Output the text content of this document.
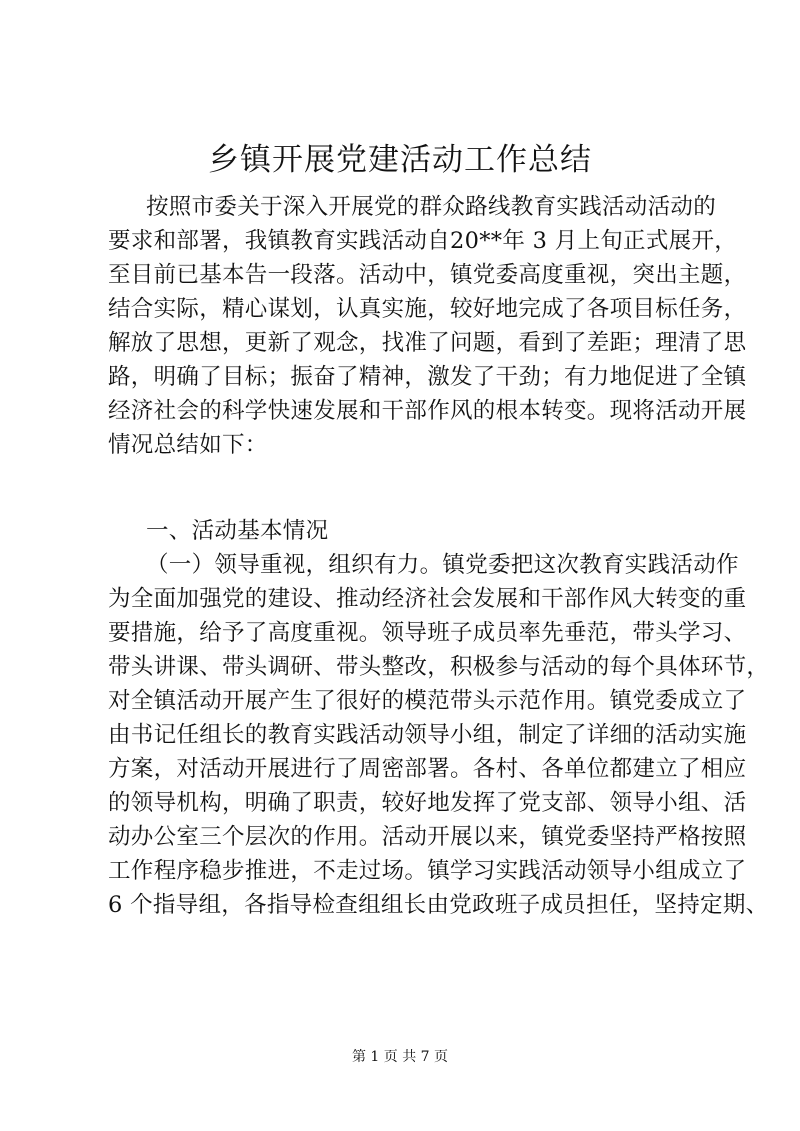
乡镇开展党建活动工作总结
按照市委关于深入开展党的群众路线教育实践活动活动的
要求和部署，我镇教育实践活动自20**年 3 月上旬正式展开，
至目前已基本告一段落。活动中，镇党委高度重视，突出主题，
结合实际，精心谋划，认真实施，较好地完成了各项目标任务，
解放了思想，更新了观念，找准了问题，看到了差距；理清了思
路，明确了目标；振奋了精神，激发了干劲；有力地促进了全镇
经济社会的科学快速发展和干部作风的根本转变。现将活动开展
情况总结如下：
一、活动基本情况
（一）领导重视，组织有力。镇党委把这次教育实践活动作
为全面加强党的建设、推动经济社会发展和干部作风大转变的重
要措施，给予了高度重视。领导班子成员率先垂范，带头学习、
带头讲课、带头调研、带头整改，积极参与活动的每个具体环节，
对全镇活动开展产生了很好的模范带头示范作用。镇党委成立了
由书记任组长的教育实践活动领导小组，制定了详细的活动实施
方案，对活动开展进行了周密部署。各村、各单位都建立了相应
的领导机构，明确了职责，较好地发挥了党支部、领导小组、活
动办公室三个层次的作用。活动开展以来，镇党委坚持严格按照
工作程序稳步推进，不走过场。镇学习实践活动领导小组成立了
6 个指导组，各指导检查组组长由党政班子成员担任，坚持定期、
第 1 页 共 7 页
